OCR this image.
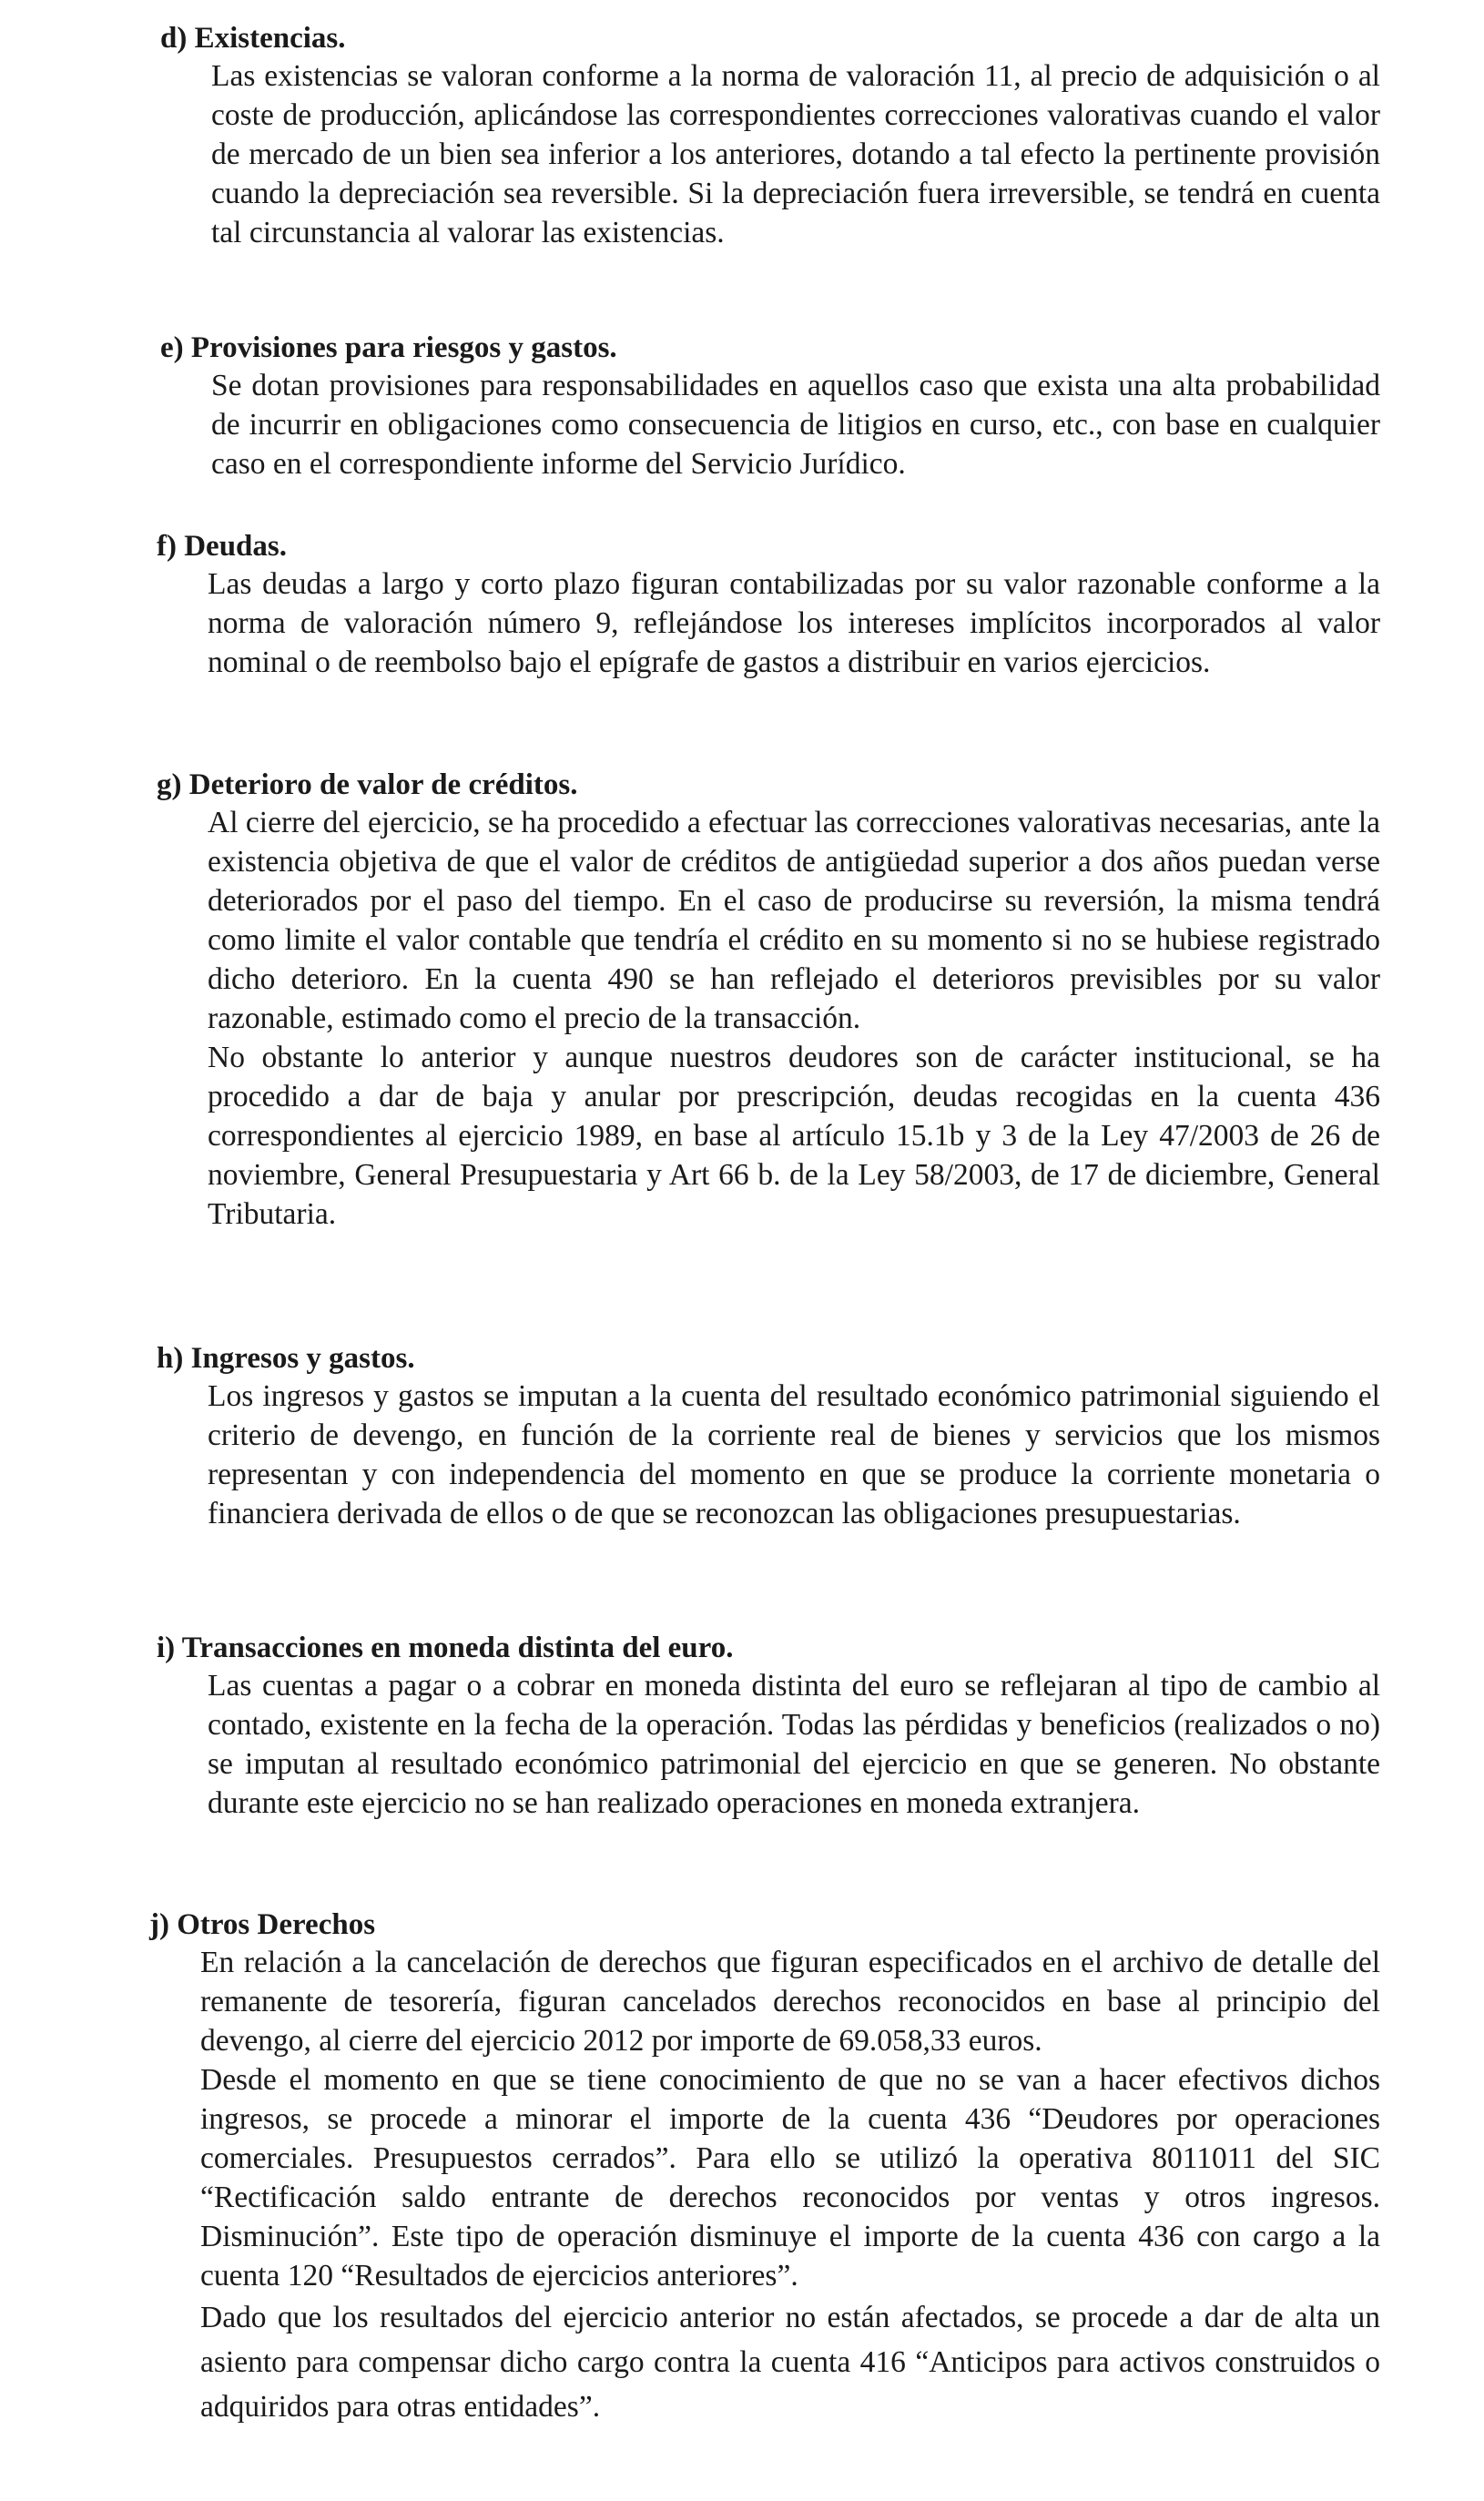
d) Existencias.

Las existencias se valoran conforme a la norma de valoración 11, al precio de adquisición o al coste de producción, aplicándose las correspondientes correcciones valorativas cuando el valor de mercado de un bien sea inferior a los anteriores, dotando a tal efecto la pertinente provisión cuando la depreciación sea reversible. Si la depreciación fuera irreversible, se tendrá en cuenta tal circunstancia al valorar las existencias.

e) Provisiones para riesgos y gastos.

Se dotan provisiones para responsabilidades en aquellos caso que exista una alta probabilidad de incurrir en obligaciones como consecuencia de litigios en curso, etc., con base en cualquier caso en el correspondiente informe del Servicio Jurídico.

f) Deudas.

Las deudas a largo y corto plazo figuran contabilizadas por su valor razonable conforme a la norma de valoración número 9, reflejándose los intereses implícitos incorporados al valor nominal o de reembolso bajo el epígrafe de gastos a distribuir en varios ejercicios.

g) Deterioro de valor de créditos.

Al cierre del ejercicio, se ha procedido a efectuar las correcciones valorativas necesarias, ante la existencia objetiva de que el valor de créditos de antigüedad superior a dos años puedan verse deteriorados por el paso del tiempo. En el caso de producirse su reversión, la misma tendrá como limite el valor contable que tendría el crédito en su momento si no se hubiese registrado dicho deterioro. En la cuenta 490 se han reflejado el deterioros previsibles por su valor razonable, estimado como el precio de la transacción.

No obstante lo anterior y aunque nuestros deudores son de carácter institucional, se ha procedido a dar de baja y anular por prescripción, deudas recogidas en la cuenta 436 correspondientes al ejercicio 1989, en base al artículo 15.1b y 3 de la Ley 47/2003 de 26 de noviembre, General Presupuestaria y Art 66 b. de la Ley 58/2003, de 17 de diciembre, General Tributaria.

h) Ingresos y gastos.

Los ingresos y gastos se imputan a la cuenta del resultado económico patrimonial siguiendo el criterio de devengo, en función de la corriente real de bienes y servicios que los mismos representan y con independencia del momento en que se produce la corriente monetaria o financiera derivada de ellos o de que se reconozcan las obligaciones presupuestarias.

i) Transacciones en moneda distinta del euro.

Las cuentas a pagar o a cobrar en moneda distinta del euro se reflejaran al tipo de cambio al contado, existente en la fecha de la operación. Todas las pérdidas y beneficios (realizados o no) se imputan al resultado económico patrimonial del ejercicio en que se generen. No obstante durante este ejercicio no se han realizado operaciones en moneda extranjera.

j) Otros Derechos

En relación a la cancelación de derechos que figuran especificados en el archivo de detalle del remanente de tesorería, figuran cancelados derechos reconocidos en base al principio del devengo, al cierre del ejercicio 2012 por importe de 69.058,33 euros.

Desde el momento en que se tiene conocimiento de que no se van a hacer efectivos dichos ingresos, se procede a minorar el importe de la cuenta 436 “Deudores por operaciones comerciales. Presupuestos cerrados”. Para ello se utilizó la operativa 8011011 del SIC “Rectificación saldo entrante de derechos reconocidos por ventas y otros ingresos. Disminución”. Este tipo de operación disminuye el importe de la cuenta 436 con cargo a la cuenta 120 “Resultados de ejercicios anteriores”.

Dado que los resultados del ejercicio anterior no están afectados, se procede a dar de alta un asiento para compensar dicho cargo contra la cuenta 416 “Anticipos para activos construidos o adquiridos para otras entidades”.
